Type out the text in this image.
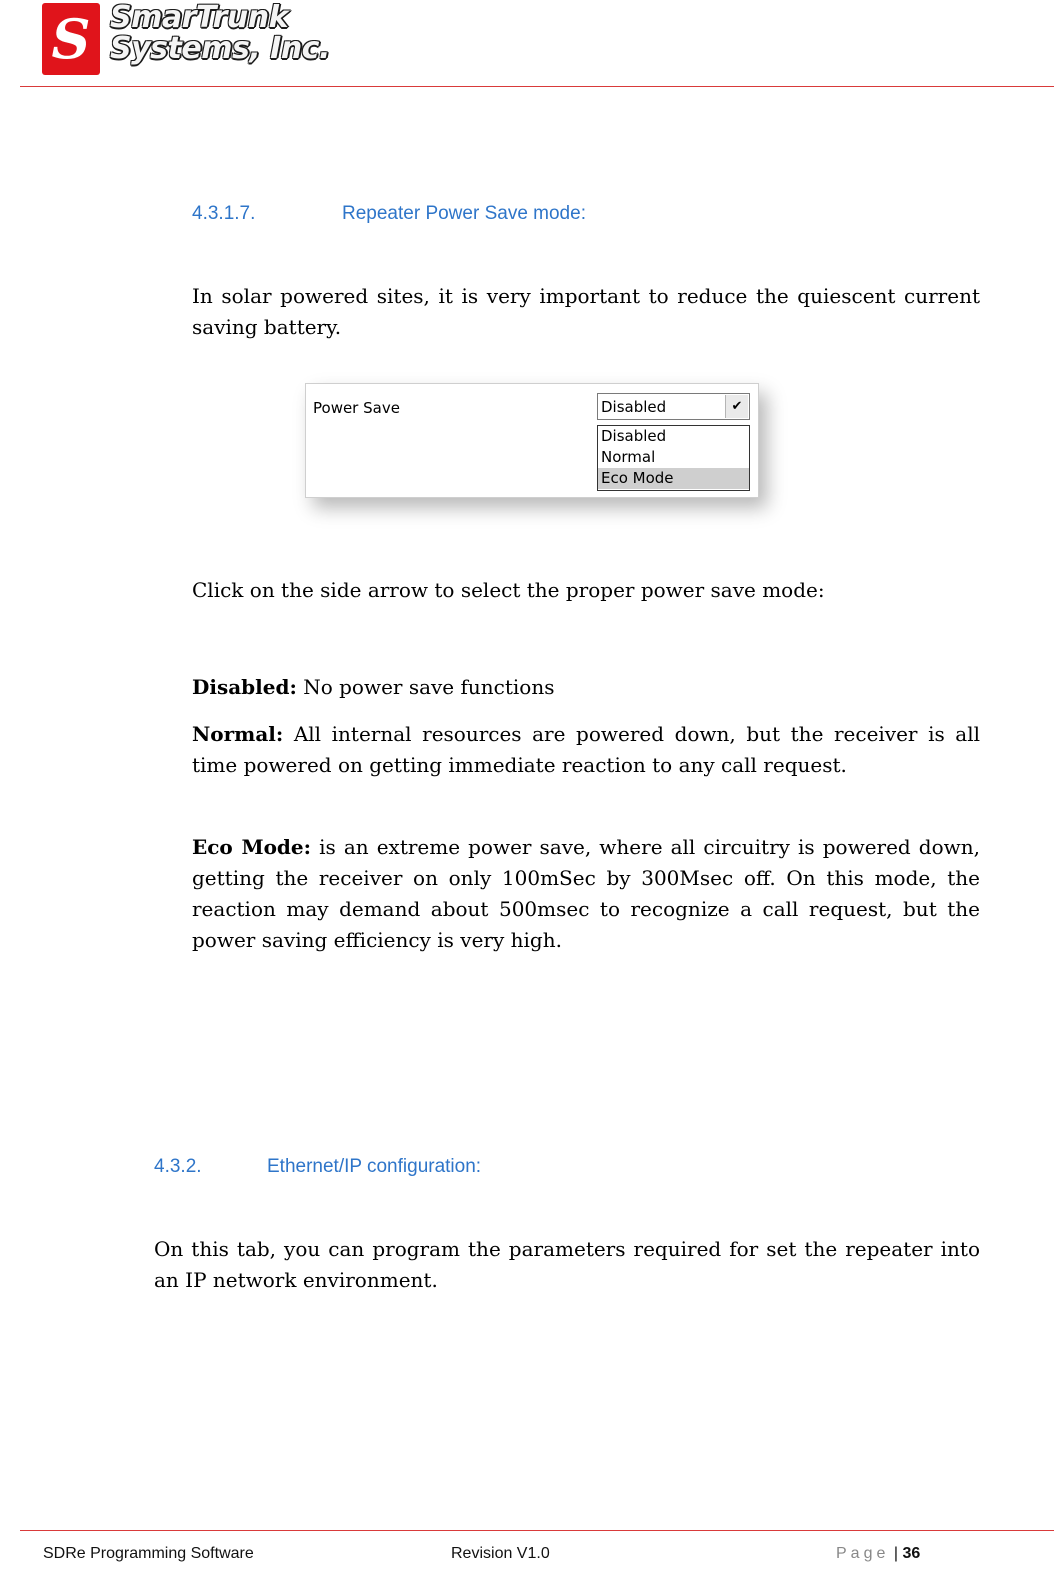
S SmarTrunk
Systems, Inc.
4.3.1.7.	Repeater Power Save mode:
In solar powered sites, it is very important to reduce the quiescent current saving battery.
Power Save	Disabled	✔
Disabled
Normal
Eco Mode
Click on the side arrow to select the proper power save mode:
Disabled: No power save functions
Normal: All internal resources are powered down, but the receiver is all time powered on getting immediate reaction to any call request.
Eco Mode: is an extreme power save, where all circuitry is powered down, getting the receiver on only 100mSec by 300Msec off. On this mode, the reaction may demand about 500msec to recognize a call request, but the power saving efficiency is very high.
4.3.2.	Ethernet/IP configuration:
On this tab, you can program the parameters required for set the repeater into an IP network environment.
SDRe Programming Software	Revision V1.0	Page | 36
